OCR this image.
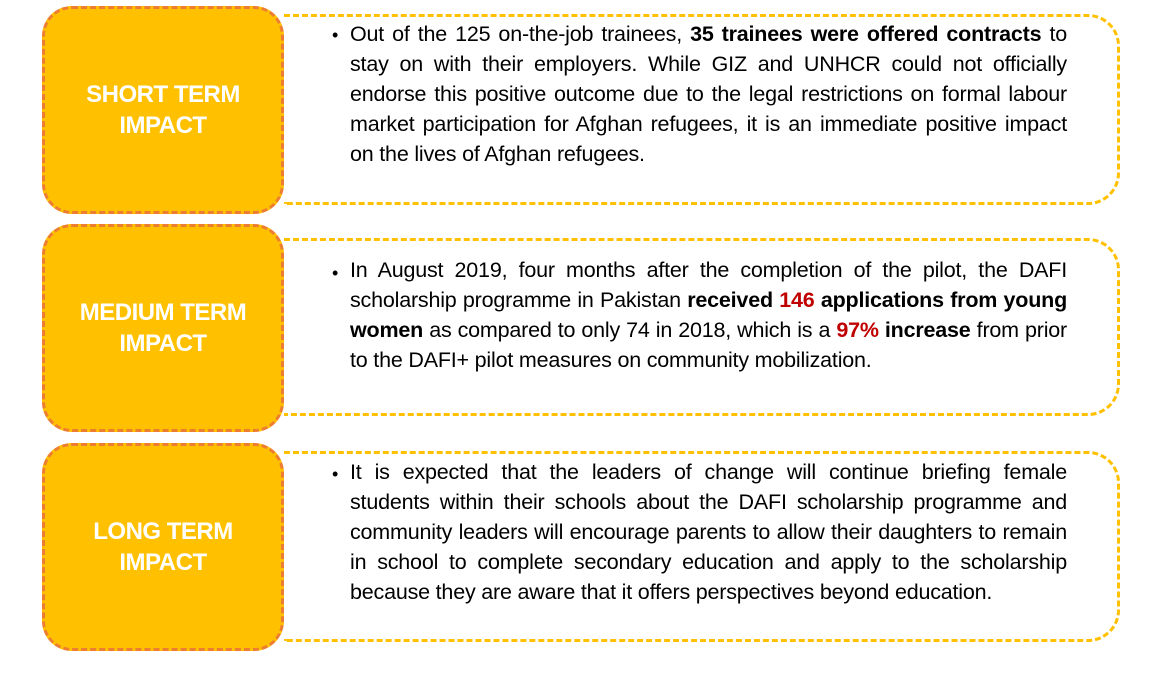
• Out of the 125 on-the-job trainees, 35 trainees were offered contracts to stay on with their employers. While GIZ and UNHCR could not officially endorse this positive outcome due to the legal restrictions on formal labour market participation for Afghan refugees, it is an immediate positive impact on the lives of Afghan refugees.

SHORT TERM
IMPACT
• In August 2019, four months after the completion of the pilot, the DAFI scholarship programme in Pakistan received 146 applications from young women as compared to only 74 in 2018, which is a 97% increase from prior to the DAFI+ pilot measures on community mobilization.

MEDIUM TERM
IMPACT
• It is expected that the leaders of change will continue briefing female students within their schools about the DAFI scholarship programme and community leaders will encourage parents to allow their daughters to remain in school to complete secondary education and apply to the scholarship because they are aware that it offers perspectives beyond education.

LONG TERM
IMPACT
